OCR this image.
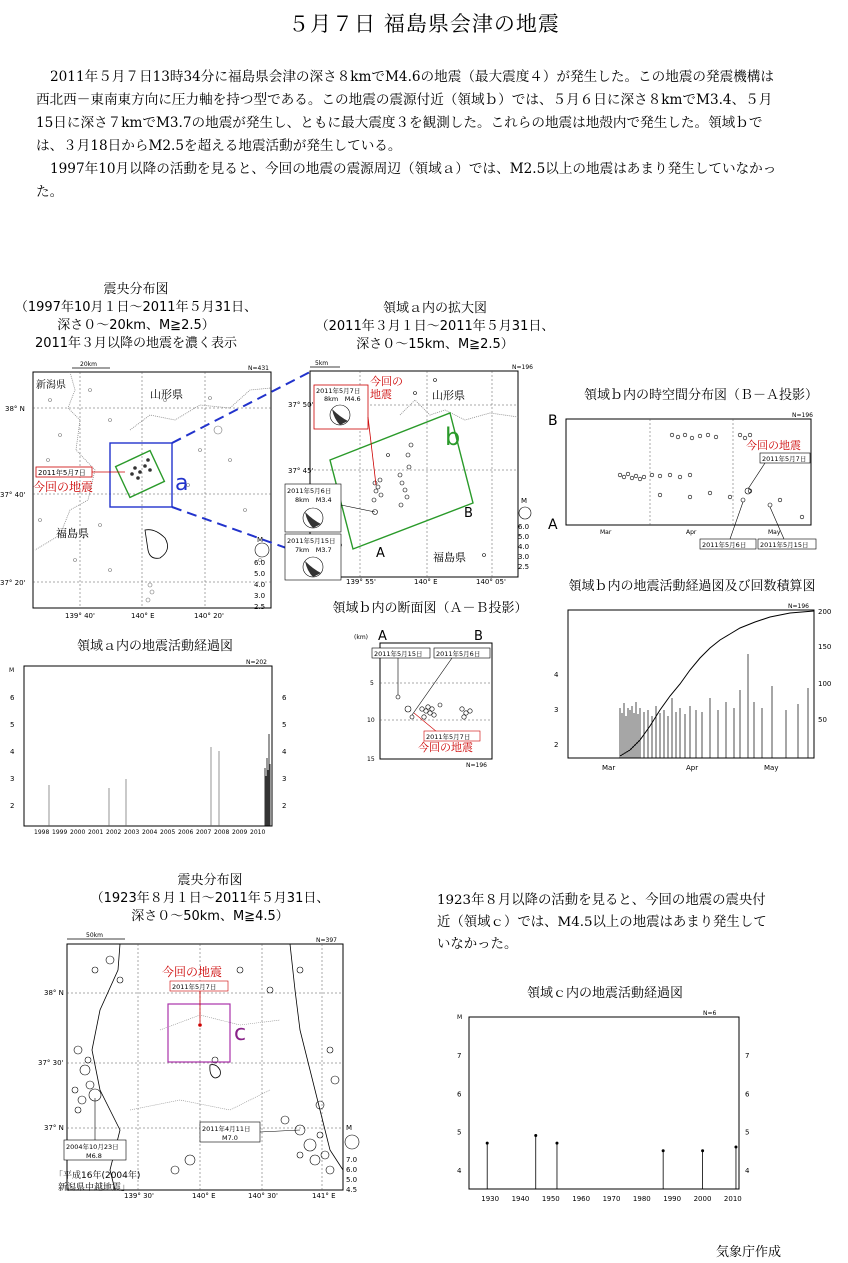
５月７日 福島県会津の地震

2011年５月７日13時34分に福島県会津の深さ８kmでM4.6の地震（最大震度４）が発生した。この地震の発震機構は西北西－東南東方向に圧力軸を持つ型である。この地震の震源付近（領域ｂ）では、５月６日に深さ８kmでM3.4、５月15日に深さ７kmでM3.7の地震が発生し、ともに最大震度３を観測した。これらの地震は地殻内で発生した。領域ｂでは、３月18日からM2.5を超える地震活動が発生している。

1997年10月以降の活動を見ると、今回の地震の震源周辺（領域ａ）では、M2.5以上の地震はあまり発生していなかった。

震央分布図
（1997年10月１日～2011年５月31日、
深さ０～20km、M≧2.5）
2011年３月以降の地震を濃く表示
a
新潟県
山形県
福島県
2011年5月7日
今回の地震
20km
N=431
38° N
37° 40'
37° 20'
139° 40'	140° E	140° 20'
M
6.0
5.0
4.0
3.0
2.5
領域ａ内の拡大図
（2011年３月１日～2011年５月31日、
深さ０～15km、M≧2.5）
b
N=196
5km
山形県
福島県
A
B
2011年5月7日
8km　M4.6
今回の
地震
2011年5月6日
8km　M3.4
2011年5月15日
7km　M3.7
37° 50'
37° 45'
139° 55'	140° E	140° 05'
M
6.0
5.0
4.0
3.0
2.5
領域ｂ内の時空間分布図（Ｂ－Ａ投影）
B
A
N=196
今回の地震
2011年5月7日
2011年5月6日 2011年5月15日
Mar	Apr	May
領域ｂ内の地震活動経過図及び回数積算図
N=196
4
3
2
200
150
100
50
Mar	Apr	May
領域ｂ内の断面図（Ａ－Ｂ投影）
(km) A	B
5
10
15
2011年5月15日 2011年5月6日
2011年5月7日
今回の地震
N=196
領域ａ内の地震活動経過図
N=202
M
6
5
4
3
2
6
5
4
3
2
1998 1999 2000 2001 2002 2003 2004 2005 2006 2007 2008 2009 2010
震央分布図
（1923年８月１日～2011年５月31日、
深さ０～50km、M≧4.5）
c
今回の地震
2011年5月7日
50km
N=397
2004年10月23日
M6.8
2011年4月11日
M7.0
「平成16年(2004年)
新潟県中越地震」
38° N
37° 30'
37° N
139° 30'	140° E	140° 30'	141° E
M
7.0
6.0
5.0
4.5
1923年８月以降の活動を見ると、今回の地震の震央付近（領域ｃ）では、M4.5以上の地震はあまり発生していなかった。
領域ｃ内の地震活動経過図
N=6
M
7	7
6	6
5	5
4	4
1930 1940 1950 1960 1970 1980 1990 2000 2010
気象庁作成
